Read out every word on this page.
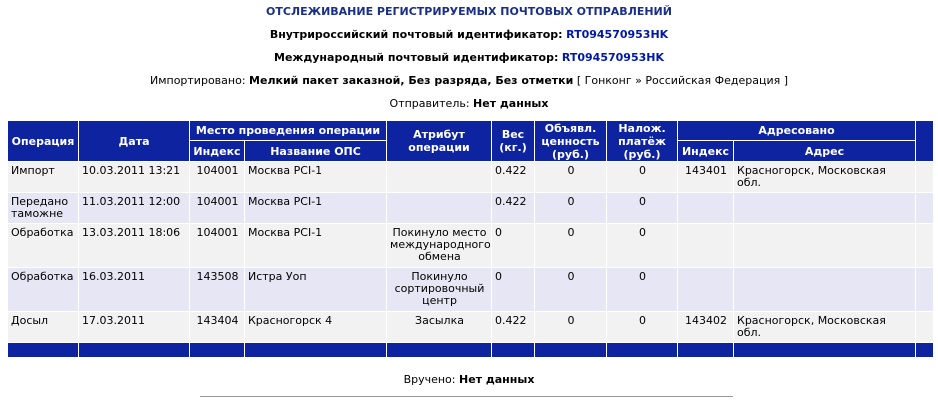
ОТСЛЕЖИВАНИЕ РЕГИСТРИРУЕМЫХ ПОЧТОВЫХ ОТПРАВЛЕНИЙ
Внутрироссийский почтовый идентификатор: RT094570953HK
Международный почтовый идентификатор: RT094570953HK
Импортировано: Мелкий пакет заказной, Без разряда, Без отметки [ Гонконг » Российская Федерация ]
Отправитель: Нет данных
Операция	Дата	Место проведения операции		Атрибут операции	Вес (кг.)	Объявл. ценность (руб.)	Налож. платёж (руб.)	Адресовано		
		Индекс	Название ОПС					Индекс	Адрес	
Импорт	10.03.2011 13:21	104001	Москва PCI-1		0.422	0	0	143401	Красногорск, Московская обл.	
Передано таможне	11.03.2011 12:00	104001	Москва PCI-1		0.422	0	0			
Обработка	13.03.2011 18:06	104001	Москва PCI-1	Покинуло место международного обмена	0	0	0			
Обработка	16.03.2011	143508	Истра Уоп	Покинуло сортировочный центр	0	0	0			
Досыл	17.03.2011	143404	Красногорск 4	Засылка	0.422	0	0	143402	Красногорск, Московская обл.	

Вручено: Нет данных
